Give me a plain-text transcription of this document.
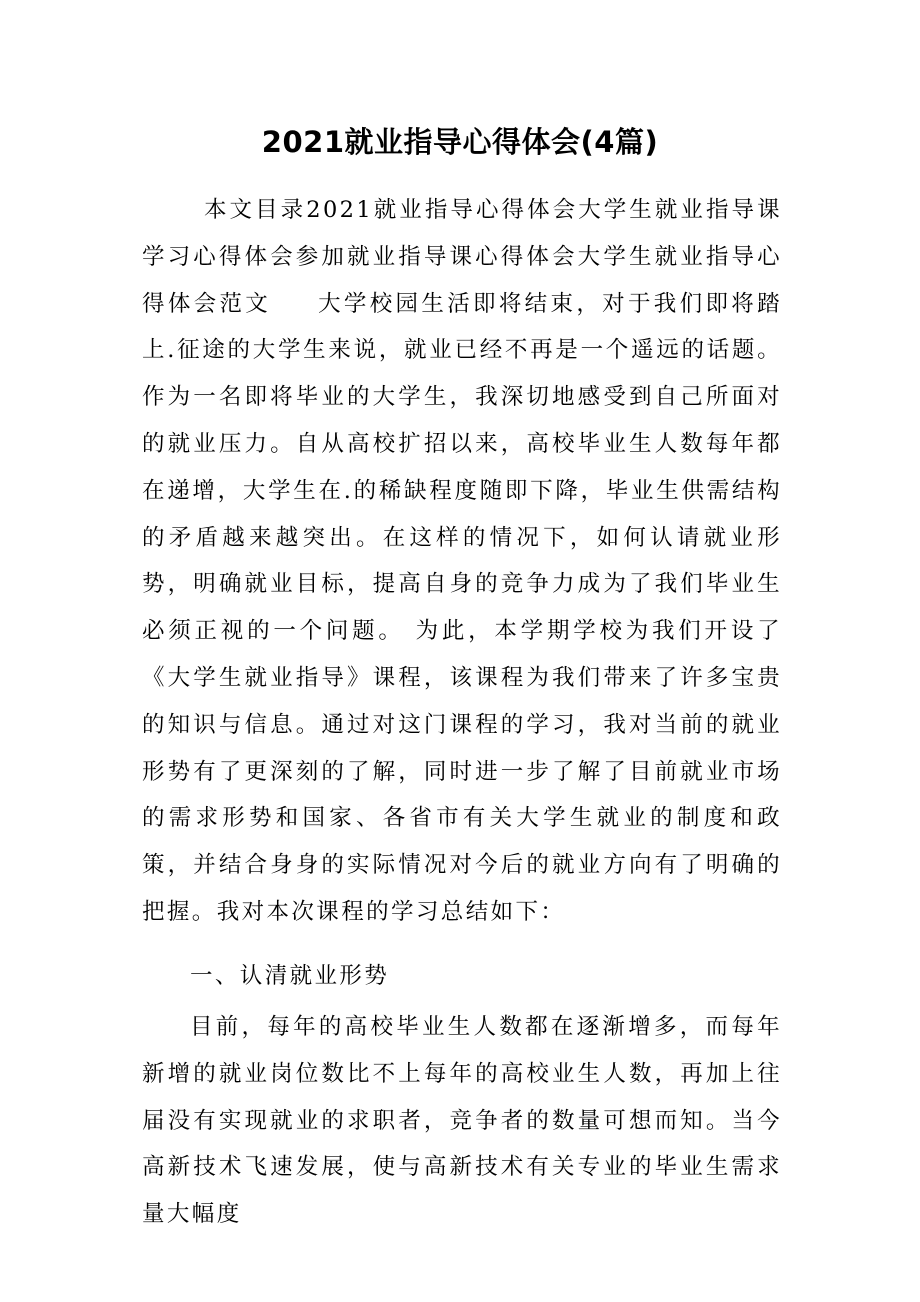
2021就业指导心得体会(4篇)
本文目录2021就业指导心得体会大学生就业指导课学习心得体会参加就业指导课心得体会大学生就业指导心得体会范文 大学校园生活即将结束，对于我们即将踏上.征途的大学生来说，就业已经不再是一个遥远的话题。作为一名即将毕业的大学生，我深切地感受到自己所面对的就业压力。自从高校扩招以来，高校毕业生人数每年都在递增，大学生在.的稀缺程度随即下降，毕业生供需结构的矛盾越来越突出。在这样的情况下，如何认请就业形势，明确就业目标，提高自身的竞争力成为了我们毕业生必须正视的一个问题。 为此，本学期学校为我们开设了《大学生就业指导》课程，该课程为我们带来了许多宝贵的知识与信息。通过对这门课程的学习，我对当前的就业形势有了更深刻的了解，同时进一步了解了目前就业市场的需求形势和国家、各省市有关大学生就业的制度和政策，并结合身身的实际情况对今后的就业方向有了明确的把握。我对本次课程的学习总结如下：
一、认清就业形势
目前，每年的高校毕业生人数都在逐渐增多，而每年新增的就业岗位数比不上每年的高校业生人数，再加上往届没有实现就业的求职者，竞争者的数量可想而知。当今高新技术飞速发展，使与高新技术有关专业的毕业生需求量大幅度
